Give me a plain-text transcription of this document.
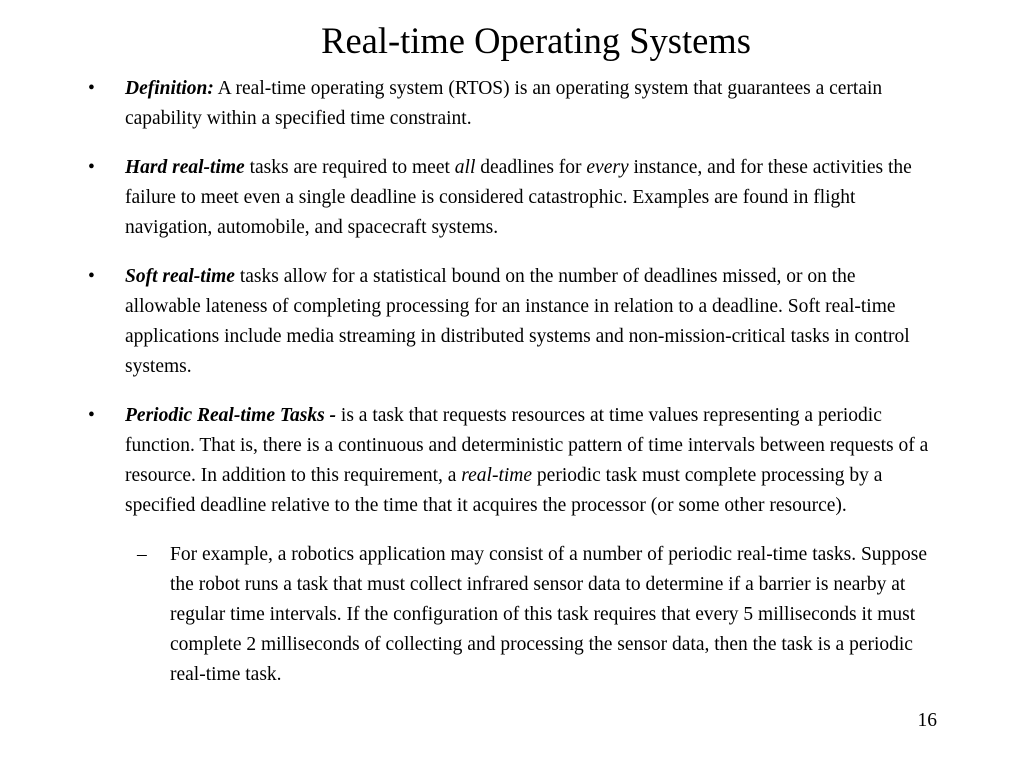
Real-time Operating Systems
• Definition: A real-time operating system (RTOS) is an operating system that guarantees a certain capability within a specified time constraint.
• Hard real-time tasks are required to meet all deadlines for every instance, and for these activities the failure to meet even a single deadline is considered catastrophic. Examples are found in flight navigation, automobile, and spacecraft systems.
• Soft real-time tasks allow for a statistical bound on the number of deadlines missed, or on the allowable lateness of completing processing for an instance in relation to a deadline. Soft real-time applications include media streaming in distributed systems and non-mission-critical tasks in control systems.
• Periodic Real-time Tasks - is a task that requests resources at time values representing a periodic function. That is, there is a continuous and deterministic pattern of time intervals between requests of a resource. In addition to this requirement, a real-time periodic task must complete processing by a specified deadline relative to the time that it acquires the processor (or some other resource).
– For example, a robotics application may consist of a number of periodic real-time tasks. Suppose the robot runs a task that must collect infrared sensor data to determine if a barrier is nearby at regular time intervals. If the configuration of this task requires that every 5 milliseconds it must complete 2 milliseconds of collecting and processing the sensor data, then the task is a periodic real-time task.
16
